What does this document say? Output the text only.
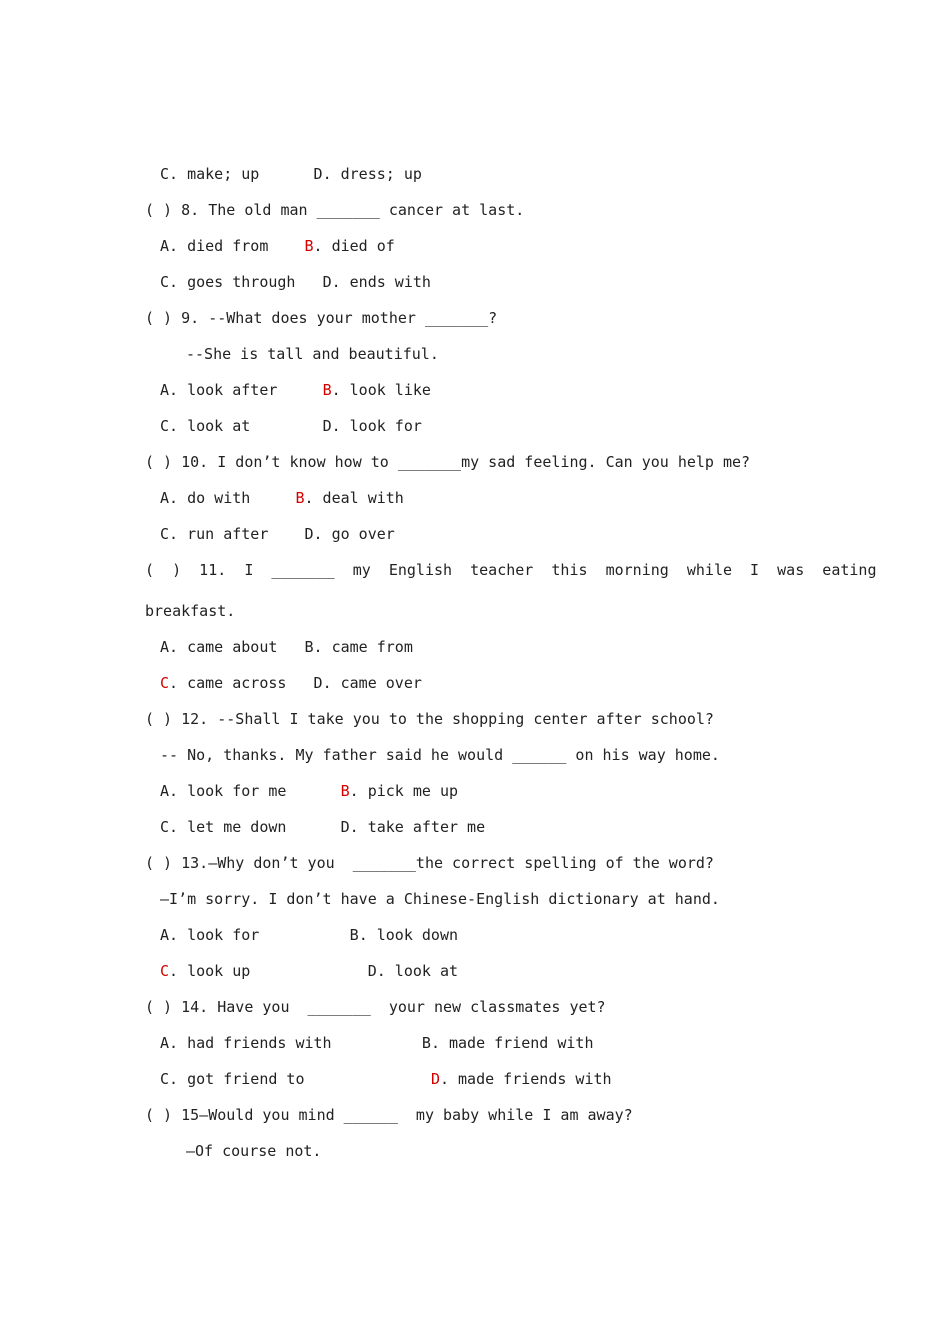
C. make; up	D. dress; up
( ) 8. The old man _______ cancer at last.
A. died from B. died of
C. goes through D. ends with
( ) 9. --What does your mother _______?
--She is tall and beautiful.
A. look after	B. look like
C. look at	D. look for
( ) 10. I don’t know how to _______my sad feeling. Can you help me?
A. do with	B. deal with
C. run after D. go over
(  )  11.  I  _______  my  English  teacher  this  morning  while  I  was  eating
breakfast.
A. came about B. came from
C. came across D. came over
( ) 12. --Shall I take you to the shopping center after school?
-- No, thanks. My father said he would ______ on his way home.
A. look for me	B. pick me up
C. let me down	D. take after me
( ) 13.—Why don’t you  _______the correct spelling of the word?
—I’m sorry. I don’t have a Chinese-English dictionary at hand.
A. look for	B. look down
C. look up	D. look at
( ) 14. Have you  _______  your new classmates yet?
A. had friends with	B. made friend with
C. got friend to	D. made friends with
( ) 15—Would you mind ______  my baby while I am away?
—Of course not.
